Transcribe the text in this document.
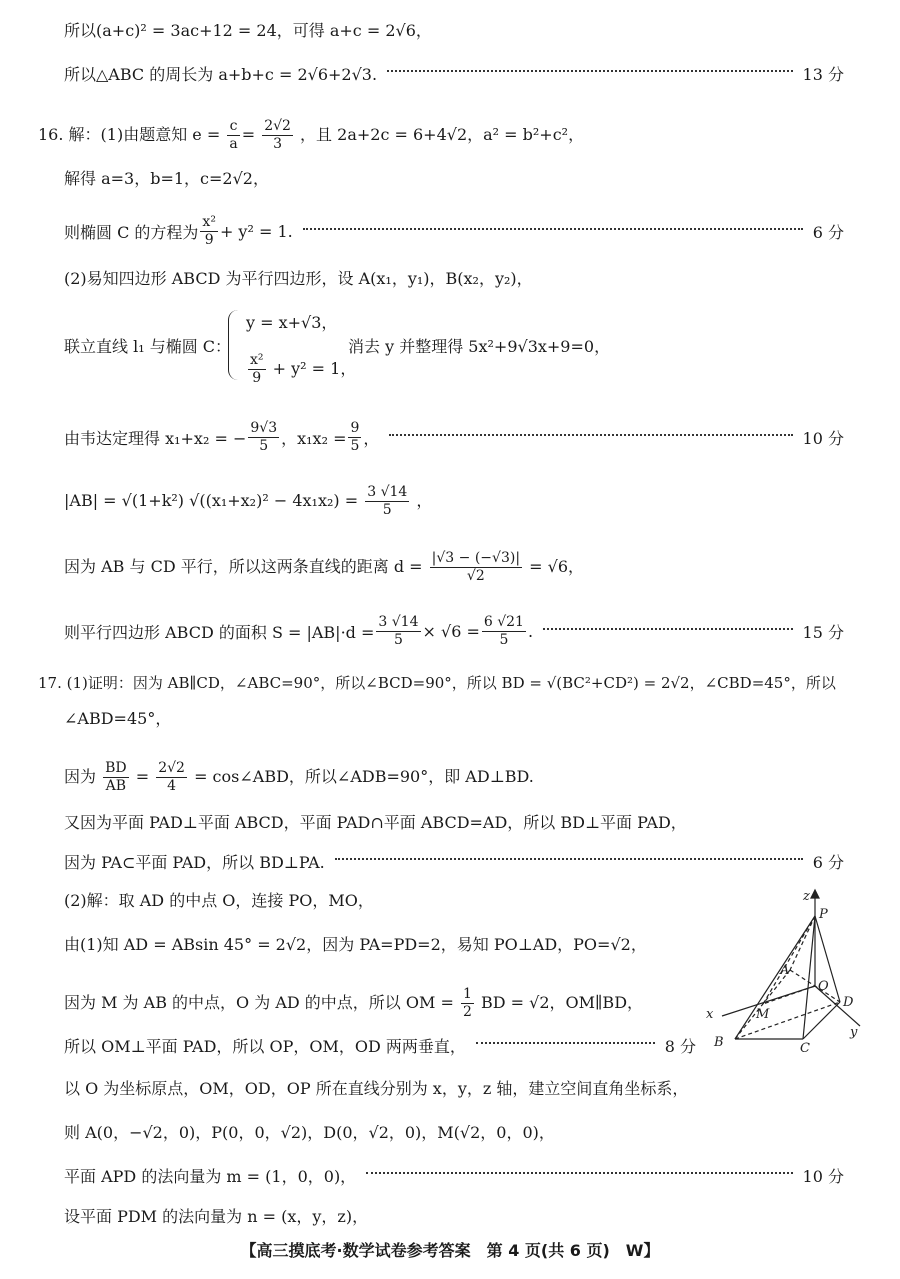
所以(a+c)² = 3ac+12 = 24，可得 a+c = 2√6，
所以△ABC 的周长为 a+b+c = 2√6+2√3.	13 分
16. 解：(1)由题意知 $e = \frac{c}{a} = \frac{2√2}{3}$ ，且 2a+2c = 6+4√2，a² = b²+c²，
解得 a=3，b=1，c=2√2，
则椭圆 C 的方程为 $\frac{\text{x²}}{9} + y^2 = 1$.	6 分
(2)易知四边形 ABCD 为平行四边形，设 A(x₁，y₁)，B(x₂，y₂)，
联立直线 l₁ 与椭圆 C：
y = x+√3，
$\frac{\text{x²}}{9} + y^2 = 1$，
消去 y 并整理得 5x²+9√3x+9=0，
由韦达定理得 x₁+x₂ = − $\frac{9√3}{5}$ ，$x_1x_2 = \frac{9}{5}$ ，	10 分
|AB| = √(1+k²) $√((x_1+x_2)^2 - 4x_1x_2) = \frac{3 √14}{5}$ ，
因为 AB 与 CD 平行，所以这两条直线的距离 $d = \frac{|√3 - (-√3)|}{√2} = √6$，
则平行四边形 ABCD 的面积 $S = |AB|\cdot d = \frac{3 √14}{5} \times √6 = \frac{6 √21}{5}$ .	15 分
17. (1)证明：因为 AB∥CD，∠ABC=90°，所以∠BCD=90°，所以 BD = √(BC²+CD²) = 2√2，∠CBD=45°，所以
∠ABD=45°，
因为 $\frac{BD}{AB} = \frac{2√2}{4}$ = cos∠ABD，所以∠ADB=90°，即 AD⊥BD.
又因为平面 PAD⊥平面 ABCD，平面 PAD∩平面 ABCD=AD，所以 BD⊥平面 PAD，
因为 PA⊂平面 PAD，所以 BD⊥PA.	6 分
(2)解：取 AD 的中点 O，连接 PO，MO，
由(1)知 AD = ABsin 45° = 2√2，因为 PA=PD=2，易知 PO⊥AD，PO=√2，
因为 M 为 AB 的中点，O 为 AD 的中点，所以 OM = $\frac{1}{2}$ BD = √2，OM∥BD，
所以 OM⊥平面 PAD，所以 OP，OM，OD 两两垂直，	8 分
以 O 为坐标原点，OM，OD，OP 所在直线分别为 x，y，z 轴，建立空间直角坐标系，
则 A(0，−√2，0)，P(0，0，√2)，D(0，√2，0)，M(√2，0，0)，
平面 APD 的法向量为 m = (1，0，0)，	10 分
设平面 PDM 的法向量为 n = (x，y，z)，
z
P
A
O
D
M
x
y
B	C
【高三摸底考·数学试卷参考答案　第 4 页(共 6 页)　W】
